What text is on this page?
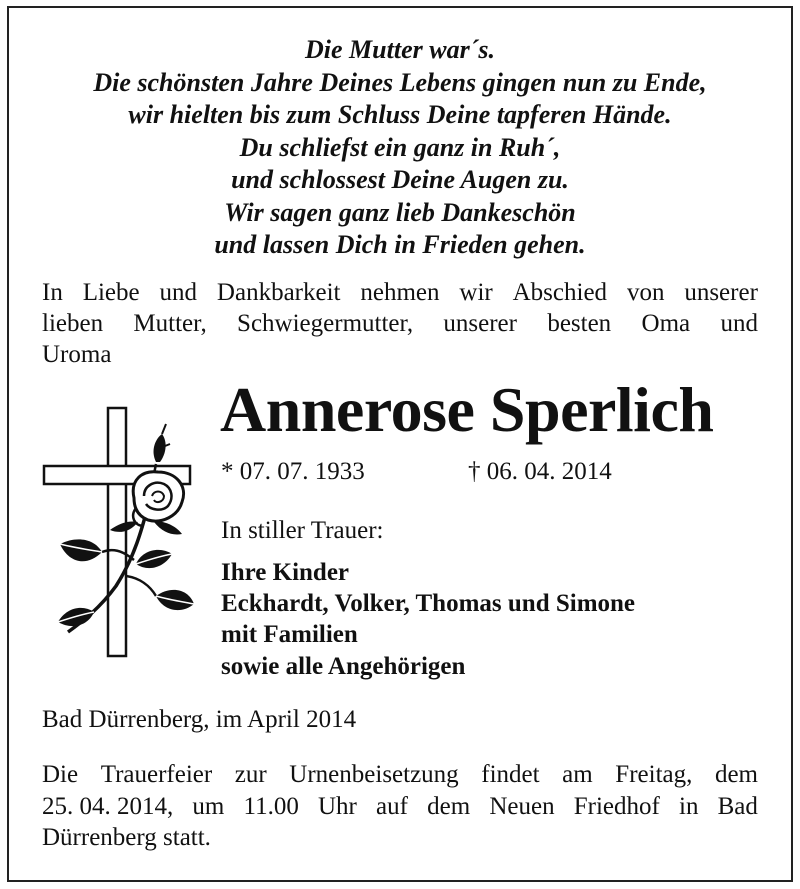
Die Mutter war´s.
Die schönsten Jahre Deines Lebens gingen nun zu Ende,
wir hielten bis zum Schluss Deine tapferen Hände.
Du schliefst ein ganz in Ruh´,
und schlossest Deine Augen zu.
Wir sagen ganz lieb Dankeschön
und lassen Dich in Frieden gehen.
In Liebe und Dankbarkeit nehmen wir Abschied von unserer
lieben Mutter, Schwiegermutter, unserer besten Oma und
Uroma
Annerose Sperlich
* 07. 07. 1933	† 06. 04. 2014
In stiller Trauer:
Ihre Kinder
Eckhardt, Volker, Thomas und Simone
mit Familien
sowie alle Angehörigen
Bad Dürrenberg, im April 2014
Die Trauerfeier zur Urnenbeisetzung findet am Freitag, dem
25. 04. 2014, um 11.00 Uhr auf dem Neuen Friedhof in Bad
Dürrenberg statt.
